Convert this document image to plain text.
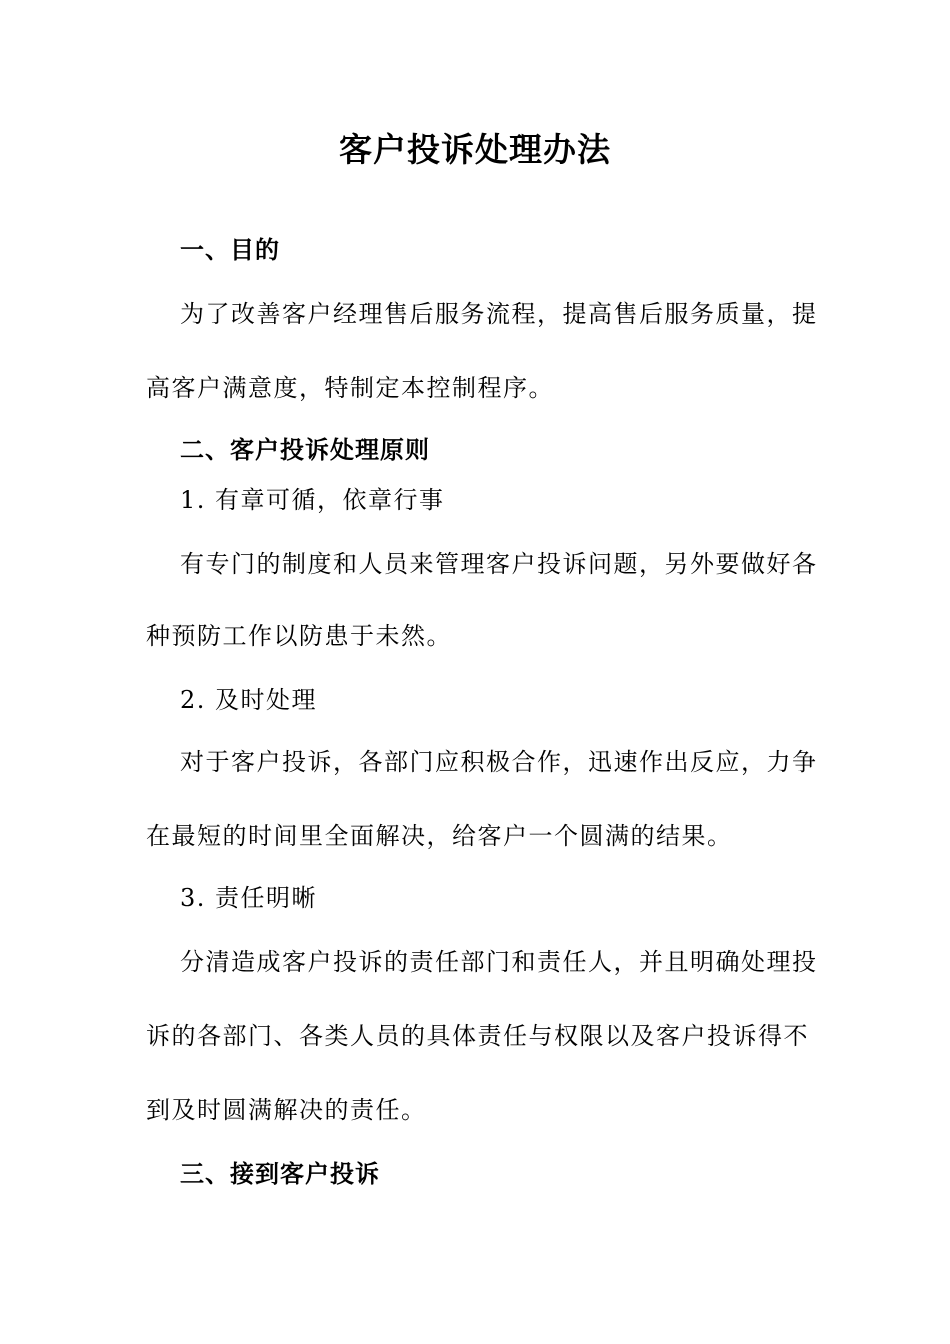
客户投诉处理办法
一、目的
为了改善客户经理售后服务流程，提高售后服务质量，提
高客户满意度，特制定本控制程序。
二、客户投诉处理原则
1. 有章可循，依章行事
有专门的制度和人员来管理客户投诉问题，另外要做好各
种预防工作以防患于未然。
2. 及时处理
对于客户投诉，各部门应积极合作，迅速作出反应，力争
在最短的时间里全面解决，给客户一个圆满的结果。
3. 责任明晰
分清造成客户投诉的责任部门和责任人，并且明确处理投
诉的各部门、各类人员的具体责任与权限以及客户投诉得不
到及时圆满解决的责任。
三、接到客户投诉
